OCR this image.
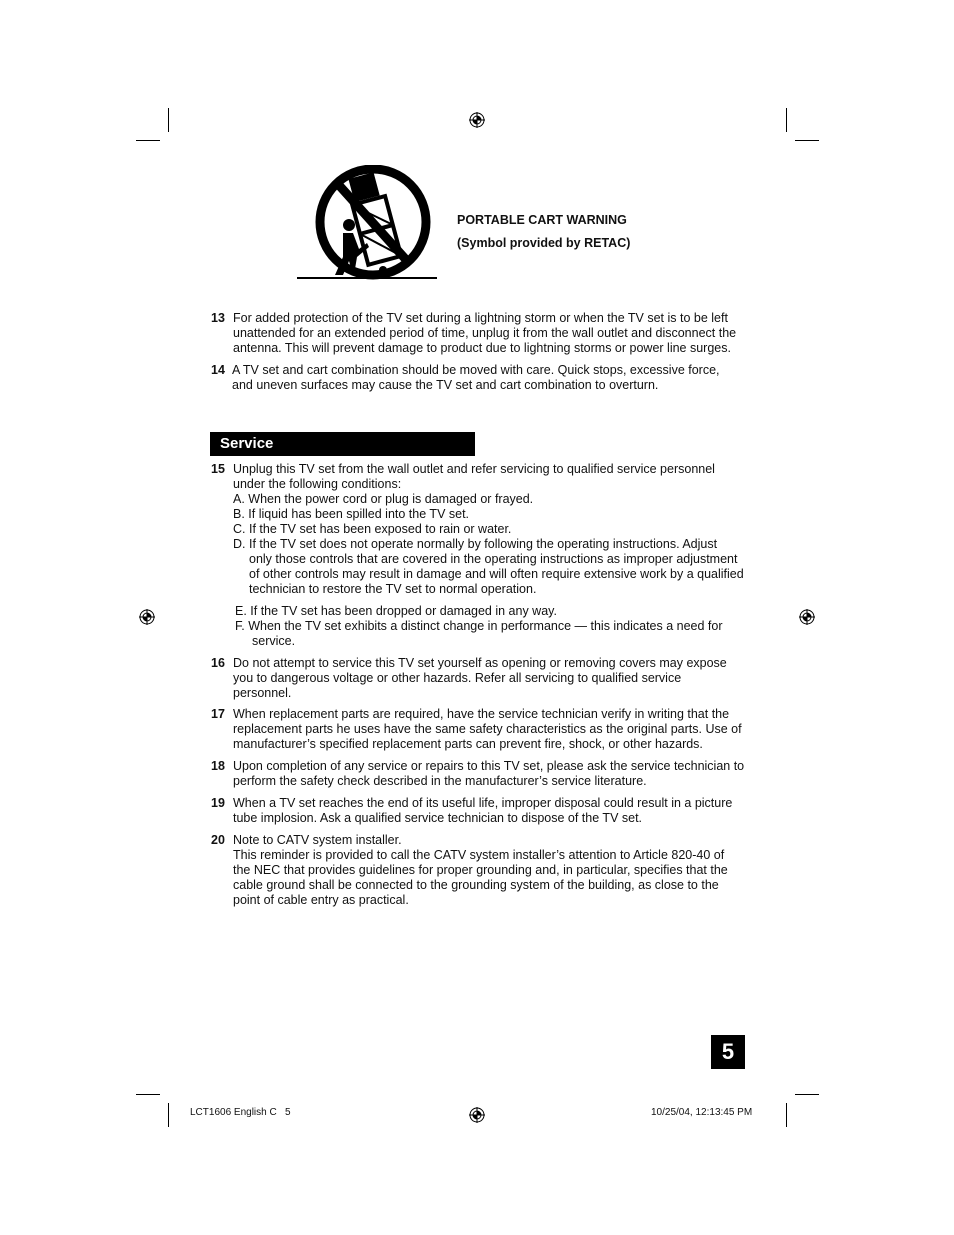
PORTABLE CART WARNING
(Symbol provided by RETAC)
13 For added protection of the TV set during a lightning storm or when the TV set is to be left unattended for an extended period of time, unplug it from the wall outlet and disconnect the antenna. This will prevent damage to product due to lightning storms or power line surges.
14 A TV set and cart combination should be moved with care. Quick stops, excessive force, and uneven surfaces may cause the TV set and cart combination to overturn.
Service
15 Unplug this TV set from the wall outlet and refer servicing to qualified service personnel under the following conditions:
A. When the power cord or plug is damaged or frayed.
B. If liquid has been spilled into the TV set.
C. If the TV set has been exposed to rain or water.
D. If the TV set does not operate normally by following the operating instructions. Adjust
only those controls that are covered in the operating instructions as improper adjustment of other controls may result in damage and will often require extensive work by a qualified technician to restore the TV set to normal operation.
E. If the TV set has been dropped or damaged in any way.
F. When the TV set exhibits a distinct change in performance — this indicates a need for
service.
16 Do not attempt to service this TV set yourself as opening or removing covers may expose you to dangerous voltage or other hazards. Refer all servicing to qualified service personnel.
17 When replacement parts are required, have the service technician verify in writing that the replacement parts he uses have the same safety characteristics as the original parts. Use of manufacturer’s specified replacement parts can prevent fire, shock, or other hazards.
18 Upon completion of any service or repairs to this TV set, please ask the service technician to perform the safety check described in the manufacturer’s service literature.
19 When a TV set reaches the end of its useful life, improper disposal could result in a picture tube implosion. Ask a qualified service technician to dispose of the TV set.
20 Note to CATV system installer.
This reminder is provided to call the CATV system installer’s attention to Article 820-40 of the NEC that provides guidelines for proper grounding and, in particular, specifies that the cable ground shall be connected to the grounding system of the building, as close to the point of cable entry as practical.
5
LCT1606 English C   5	10/25/04, 12:13:45 PM
